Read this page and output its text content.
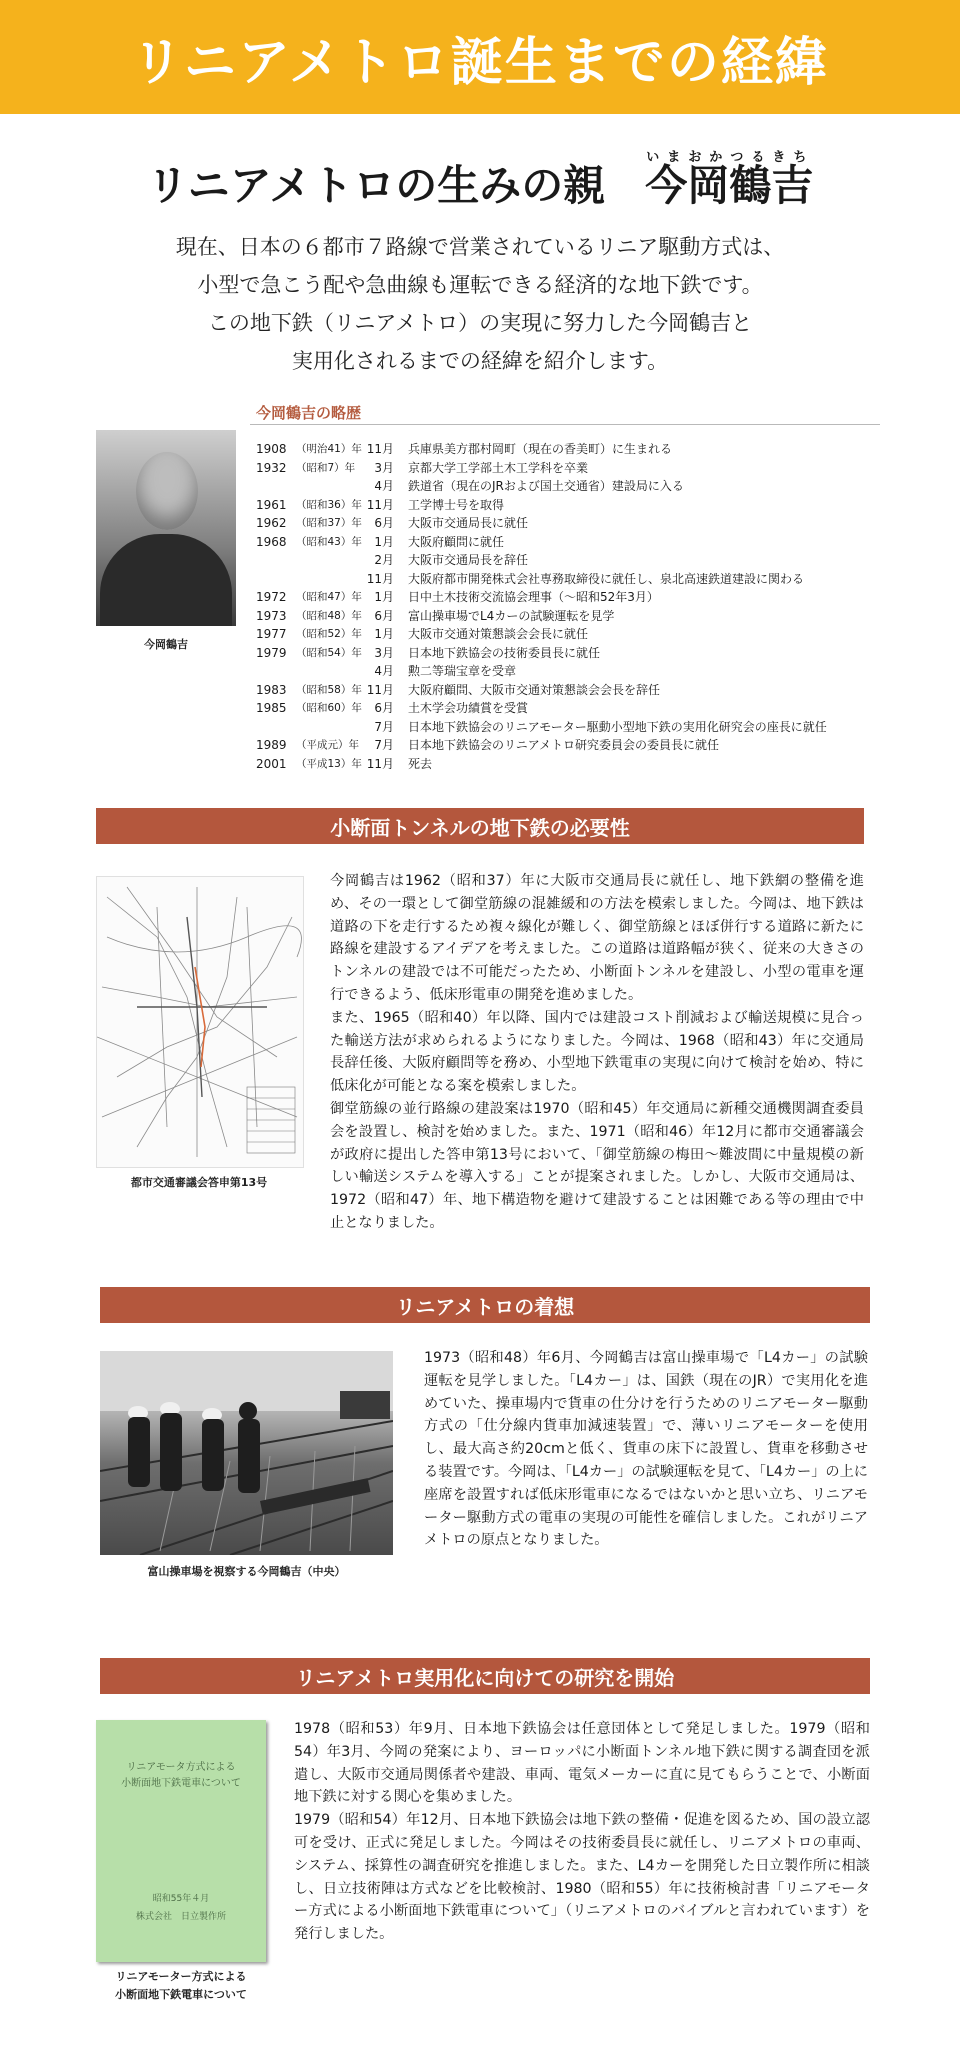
リニアメトロ誕生までの経緯
リニアメトロの生みの親 今いま岡おか鶴つる吉きち
現在、日本の６都市７路線で営業されているリニア駆動方式は、
小型で急こう配や急曲線も運転できる経済的な地下鉄です。
この地下鉄（リニアメトロ）の実現に努力した今岡鶴吉と
実用化されるまでの経緯を紹介します。
今岡鶴吉の略歴
今岡鶴吉
1908 （明治41）年 11月	兵庫県美方郡村岡町（現在の香美町）に生まれる
1932 （昭和7）年	3月	京都大学工学部土木工学科を卒業
4月	鉄道省（現在のJRおよび国土交通省）建設局に入る
1961 （昭和36）年 11月	工学博士号を取得
1962 （昭和37）年	6月	大阪市交通局長に就任
1968 （昭和43）年	1月	大阪府顧問に就任
2月	大阪市交通局長を辞任
11月	大阪府都市開発株式会社専務取締役に就任し、泉北高速鉄道建設に関わる
1972 （昭和47）年	1月	日中土木技術交流協会理事（～昭和52年3月）
1973 （昭和48）年	6月	富山操車場でL4カーの試験運転を見学
1977 （昭和52）年	1月	大阪市交通対策懇談会会長に就任
1979 （昭和54）年	3月	日本地下鉄協会の技術委員長に就任
4月	勲二等瑞宝章を受章
1983 （昭和58）年 11月	大阪府顧問、大阪市交通対策懇談会会長を辞任
1985 （昭和60）年	6月	土木学会功績賞を受賞
7月	日本地下鉄協会のリニアモーター駆動小型地下鉄の実用化研究会の座長に就任
1989 （平成元）年	7月	日本地下鉄協会のリニアメトロ研究委員会の委員長に就任
2001 （平成13）年 11月	死去
小断面トンネルの地下鉄の必要性
都市交通審議会答申第13号
今岡鶴吉は1962（昭和37）年に大阪市交通局長に就任し、地下鉄網の整備を進め、その一環として御堂筋線の混雑緩和の方法を模索しました。今岡は、地下鉄は道路の下を走行するため複々線化が難しく、御堂筋線とほぼ併行する道路に新たに路線を建設するアイデアを考えました。この道路は道路幅が狭く、従来の大きさのトンネルの建設では不可能だったため、小断面トンネルを建設し、小型の電車を運行できるよう、低床形電車の開発を進めました。
また、1965（昭和40）年以降、国内では建設コスト削減および輸送規模に見合った輸送方法が求められるようになりました。今岡は、1968（昭和43）年に交通局長辞任後、大阪府顧問等を務め、小型地下鉄電車の実現に向けて検討を始め、特に低床化が可能となる案を模索しました。
御堂筋線の並行路線の建設案は1970（昭和45）年交通局に新種交通機関調査委員会を設置し、検討を始めました。また、1971（昭和46）年12月に都市交通審議会が政府に提出した答申第13号において、「御堂筋線の梅田～難波間に中量規模の新しい輸送システムを導入する」ことが提案されました。しかし、大阪市交通局は、1972（昭和47）年、地下構造物を避けて建設することは困難である等の理由で中止となりました。
リニアメトロの着想
富山操車場を視察する今岡鶴吉（中央）
1973（昭和48）年6月、今岡鶴吉は富山操車場で「L4カー」の試験運転を見学しました。「L4カー」は、国鉄（現在のJR）で実用化を進めていた、操車場内で貨車の仕分けを行うためのリニアモーター駆動方式の「仕分線内貨車加減速装置」で、薄いリニアモーターを使用し、最大高さ約20cmと低く、貨車の床下に設置し、貨車を移動させる装置です。今岡は、「L4カー」の試験運転を見て、「L4カー」の上に座席を設置すれば低床形電車になるではないかと思い立ち、リニアモーター駆動方式の電車の実現の可能性を確信しました。これがリニアメトロの原点となりました。
リニアメトロ実用化に向けての研究を開始
リニアモータ方式による
小断面地下鉄電車について
昭和55年４月
株式会社　日立製作所
リニアモーター方式による
小断面地下鉄電車について
1978（昭和53）年9月、日本地下鉄協会は任意団体として発足しました。1979（昭和54）年3月、今岡の発案により、ヨーロッパに小断面トンネル地下鉄に関する調査団を派遣し、大阪市交通局関係者や建設、車両、電気メーカーに直に見てもらうことで、小断面地下鉄に対する関心を集めました。
1979（昭和54）年12月、日本地下鉄協会は地下鉄の整備・促進を図るため、国の設立認可を受け、正式に発足しました。今岡はその技術委員長に就任し、リニアメトロの車両、システム、採算性の調査研究を推進しました。また、L4カーを開発した日立製作所に相談し、日立技術陣は方式などを比較検討、1980（昭和55）年に技術検討書「リニアモーター方式による小断面地下鉄電車について」（リニアメトロのバイブルと言われています）を発行しました。
